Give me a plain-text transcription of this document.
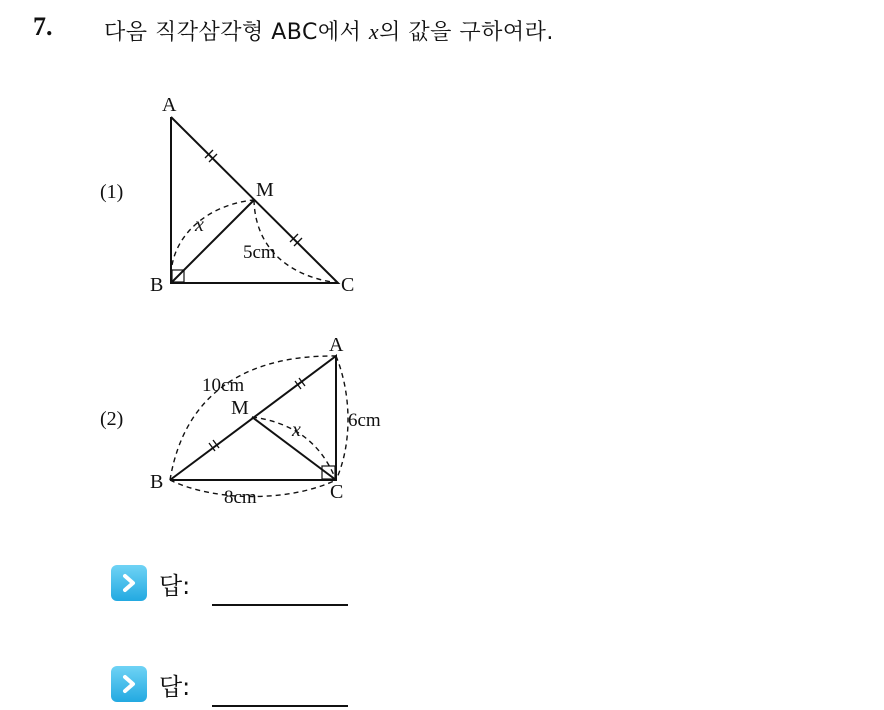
7. 다음 직각삼각형 ABC에서 x의 값을 구하여라.
(1)
(2)
A
B	C
M
x
5cm
A
B	C
M
x
10cm
6cm
8cm
답:
답:
